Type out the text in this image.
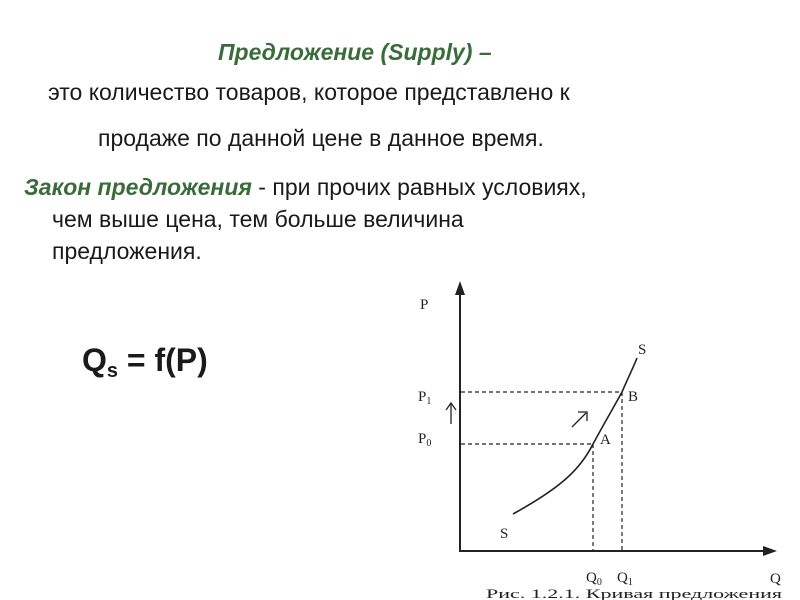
Предложение (Supply) –
это количество товаров, которое представлено к
продаже по данной цене в данное время.
Закон предложения - при прочих равных условиях,
чем выше цена, тем больше величина
предложения.
$Q_s = f(P)$
P
Q
S
S
A
B
$P_1$
$P_0$
$Q_0$ $Q_1$
Рис. 1.2.1. Кривая предложения
